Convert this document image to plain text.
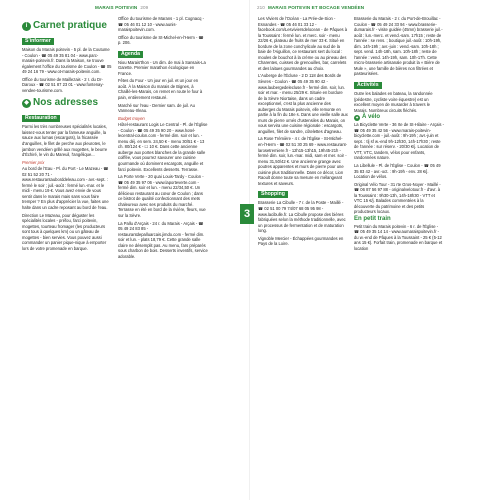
MARAIS POITEVIN 209	210 MARAIS POITEVIN ET BOCAGE VENDÉEN
3
i Carnet pratique
S'informer

Maison du Marais poitevin - 5 pl. de la Coutume - Coulon - ☎ 05 49 35 81 04 - www.parc-marais-poitevin.fr. Dans la Maison, se trouve également l'office du tourisme de Coulon - ☎ 05 49 24 16 79 - www.ot-marais-poitevin.com.

Office du tourisme de Maillezais - 2 r. du Dr-Daroux - ☎ 02 51 87 23 01 - www.fontenay-vendee-tourisme.com.

◆ Nos adresses
Restauration

Parmi les très nombreuses spécialités locales, laissez-vous tenter par la fameuse anguille, la sauce aux lumas (escargots), la fricassée d'anguilles, le filet de perche aux pleurotes, le jambon vendéen grillé aux mogettes, le beurre d'Échiré, le vin du Mareuil, l'angélique...

Premier prix

Au bord de l'Eau - Pl. du Port - Le Mazeau - ☎ 02 51 52 20 71 - www.restaurantauborddeleau.com - avr.-sept. : fermé le soir ; juil.-août : fermé lun.-mar. et le midi - menu 19 €. Vous avez envie de vous sentir dans le marais mais sans vous faire tremper ? En plus d'apprécier la vue, faites une halte dans un cadre reposant au bord de l'eau.

Direction Le Mazeau, pour déguster les spécialités locales - préfou, farci poitevin, mogettes, tourteau fromager (les producteurs sont tous à quelques km) ou un gâteau de mogettes - bien servies. Vous pouvez aussi commander un panier pique-nique à emporter lors de votre promenade en barque.

Office du tourisme de Marans - 1 pl. Cognacq - ☎ 05 46 01 12 10 - www.aunis-maraispoitevin.com.

Office du tourisme de St-Michel-en-l'Herm - ☎ p. 206.

Agenda

Niou Marais'thon - Un dim. de mai à Sansais-La Garette. Premier marathon écologique en France.

Fêtes du Four - Un jour en juil. et un jour en août. À la Maison du marais de Bignes, à Chaillé-les-Marais, on remet en route le four à pain, entièrement restauré.

Marché sur l'eau - Dernier sam. de juil. Au Vanneau-Irleau.

Budget moyen

Hôtel-restaurant Logis Le Central - Pl. de l'Église - Coulon - ☎ 05 49 35 90 20 - www.hotel-lecentral-coulon.com - fermé dim. soir et lun. - menu déj. en sem. 24,50 € - menu 30/51 € - 13 ch. 80/124 € - ☐ 10 €. Dans cette ancienne auberge aux portes blanches de la grande salle coiffée, vous pourrez savourer une cuisine gourmande où dominent escargots, anguille et farci poitevin. Excellents desserts. Terrasse.

La Porte Verte - 20 quai Louis-Tardy - Coulon - ☎ 05 49 35 97 06 - www.laporteverte.com - fermé dim. soir et lun. - menu 22/34,50 €. Un délicieux restaurant au cœur de Coulon ; dans ce bistrot de qualité confectionnant des mets chaleureux avec ses produits du marché. Terrasse en été en bord de la rivière, fleurs, vue sur la Sèvre.

La Pallu d'Arçais - 24 r. du Marais - Arçais - ☎ 05 49 24 83 85 - restaurantdepalluarcais.jimdo.com - fermé dim. soir et lun. - plats 18,79 €. Cette grande salle claire ne désemplit pas. Au menu, fars préparés sous charbon de bois. Desserts inventifs, service adorable.

Les Viviers de l'Océan - La Prée-de-Sion - Esnandes - ☎ 05 46 01 33 12 - facebook.com/Lesviviersdelocean - de Pâques à la Toussaint : fermé lun. et merc. soir - menu 22/26 €, plateau de fruits de mer 33 €. Situé en bordure de la zone conchylicole au sud de la baie de l'Aiguillon, ce restaurant sert du local : moules de bouchot à la crème ou au pineau des Charentes, cuisses de grenouilles, bar, carrelets et des laitues gourmandes au choix.

L'Auberge de l'Écluse - 2 D 118 des Bords de Sèvres - Coulon - ☎ 05 49 35 90 42 - www.laubergedelecluse.fr - fermé dim. soir, lun. soir et mar. - menu 25/29 €. Située en bordure de la Sèvre Niortaise, dans un cadre exceptionnel, c'est la plus ancienne des auberges du Marais poitevin, elle remonte en partie à la fin du 18e s. Dans une vieille salle aux murs de pierre ornés d'ustensiles du Marais, on vous servira une cuisine régionale : escargots, anguilles, filet de sandre, côtelettes d'agneau.

La Rose Trémière - 4 r. de l'Église - St-Michel-en-l'Herm - ☎ 02 51 30 25 69 - www.restaurant-larosetremiere.fr - 12h15-13h15, 19h45-21h - fermé dim. soir, lun.-mar. midi, sam et mer. soir - menu 31,50/42 €. Une ancienne grange avec poutres apparentes et murs de pierre pour une cuisine plus traditionnelle. Dans ce décor, Lion Raoult donne toute sa mesure en mélangeant textures et saveurs.

Shopping

Brasserie La Cibulle - 7 r. de la Poste - Maillé - ☎ 02 51 00 79 74/07 68 05 95 98 - www.lacibulle.fr. La Cibulle propose des bières fabriquées selon la méthode traditionnelle, avec un processus de fermentation et de maturation long.

Vignoble Mercier - Échappées gourmandes en Pays de la Loire.

Brasserie du Marais - 2 r. du Port-de-Brouillac - Coulon - ☎ 05 49 24 33 94 - www.brasserie-dumarais.fr - visite guidée (45mn) brasserie juil.-août : lun.-merc. et vend.-sam. 17h15 ; reste de l'année : se rens. ; boutique juil.-août : 10h-19h, dim. 14h-19h ; avr.-juin : vend.-sam. 10h-18h ; sept. vend. 14h-18h, sam. 10h-18h ; reste de l'année : vend. 14h-19h, sam. 10h-17h. Cette micro-brasserie artisanale produit la « Bière de Mule », une famille de bières non filtrées et pasteurisées.

Activités

Outre les balades en bateau, la randonnée (pédestre, cycliste voire équestre) est un excellent moyen de musarder à travers le Marais. Nombreux circuits fléchés.

✦ À vélo

La Bicyclette Verte - 36 rte de St-Hilaire - Arçais - ☎ 05 49 35 42 56 - www.marais-poitevin-bicyclette.com - juil.-août : 9h-19h ; avr.-juin et sept. : tlj sf w.-end 9h-12h30, 14h-17h30 ; reste de l'année : sur réserv. - 20/30 €/j. Location de VTT, VTC, tandem, vélos pour enfants, randonnées nature.

La Libellule - Pl. de l'Église - Coulon - ☎ 05 49 35 83 42 - avr.-oct. : 9h-19h - env. 28 €/j. Location de vélos.

Original Vélo Tour - 31 rte Gros-Noyer - Maillé - ☎ 06 87 56 97 88 - originalvelotour.fr - d'avr. à la Toussaint : 9h30-13h, 14h-18h30 - VTT et VTC 15 €/j. Balades commentées à la découverte du patrimoine et des petits producteurs locaux.

En petit train

Petit train du Marais poitevin - 6 r. de l'Église - ☎ 05 49 35 14 14 - www.aumaraispoitevin.fr - du w.-end de Pâques à la Toussaint - 25 € (5-12 ans 15 €). Forfait train, promenade en barque et location
